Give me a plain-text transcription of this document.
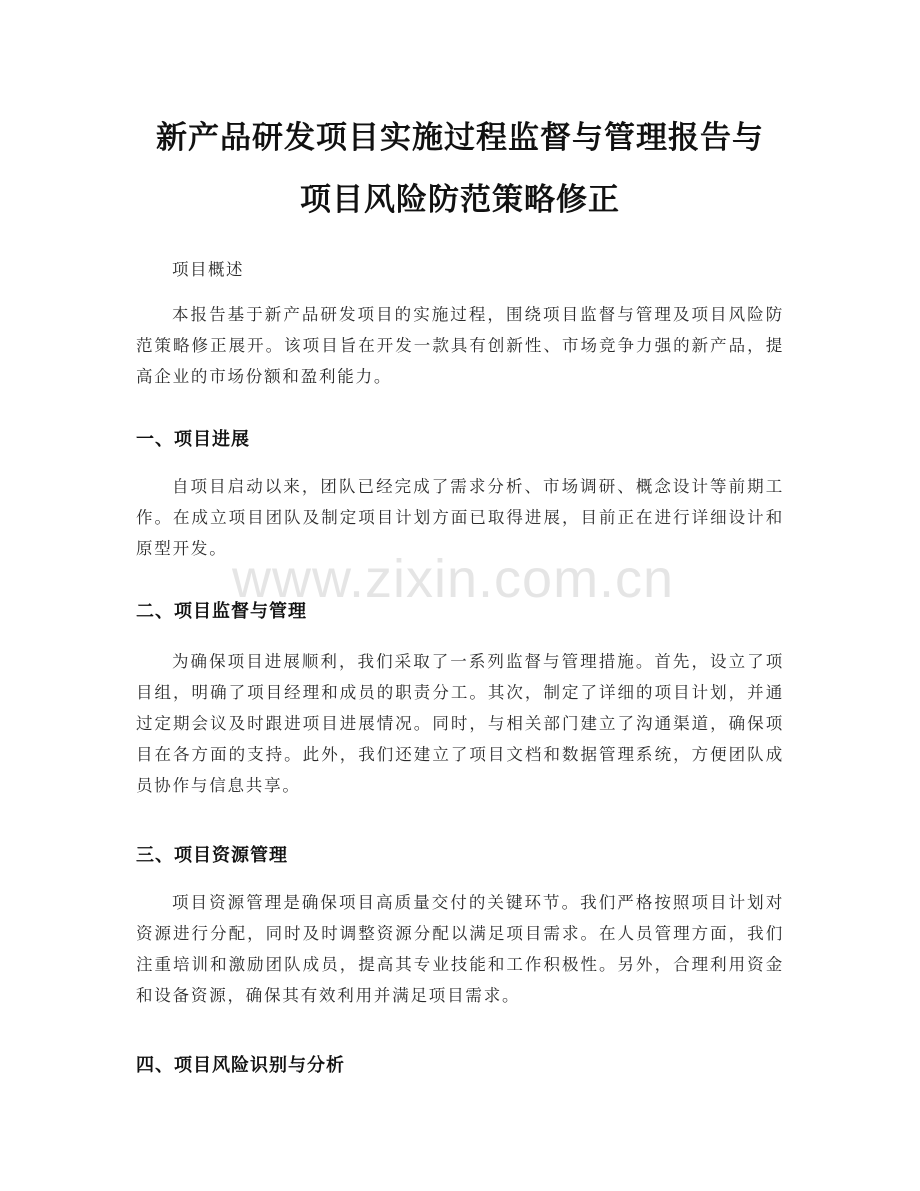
新产品研发项目实施过程监督与管理报告与
项目风险防范策略修正
项目概述

本报告基于新产品研发项目的实施过程，围绕项目监督与管理及项目风险防范策略修正展开。该项目旨在开发一款具有创新性、市场竞争力强的新产品，提高企业的市场份额和盈利能力。

一、项目进展

自项目启动以来，团队已经完成了需求分析、市场调研、概念设计等前期工作。在成立项目团队及制定项目计划方面已取得进展，目前正在进行详细设计和原型开发。

www.zixin.com.cn
二、项目监督与管理

为确保项目进展顺利，我们采取了一系列监督与管理措施。首先，设立了项目组，明确了项目经理和成员的职责分工。其次，制定了详细的项目计划，并通过定期会议及时跟进项目进展情况。同时，与相关部门建立了沟通渠道，确保项目在各方面的支持。此外，我们还建立了项目文档和数据管理系统，方便团队成员协作与信息共享。

三、项目资源管理

项目资源管理是确保项目高质量交付的关键环节。我们严格按照项目计划对资源进行分配，同时及时调整资源分配以满足项目需求。在人员管理方面，我们注重培训和激励团队成员，提高其专业技能和工作积极性。另外，合理利用资金和设备资源，确保其有效利用并满足项目需求。

四、项目风险识别与分析
